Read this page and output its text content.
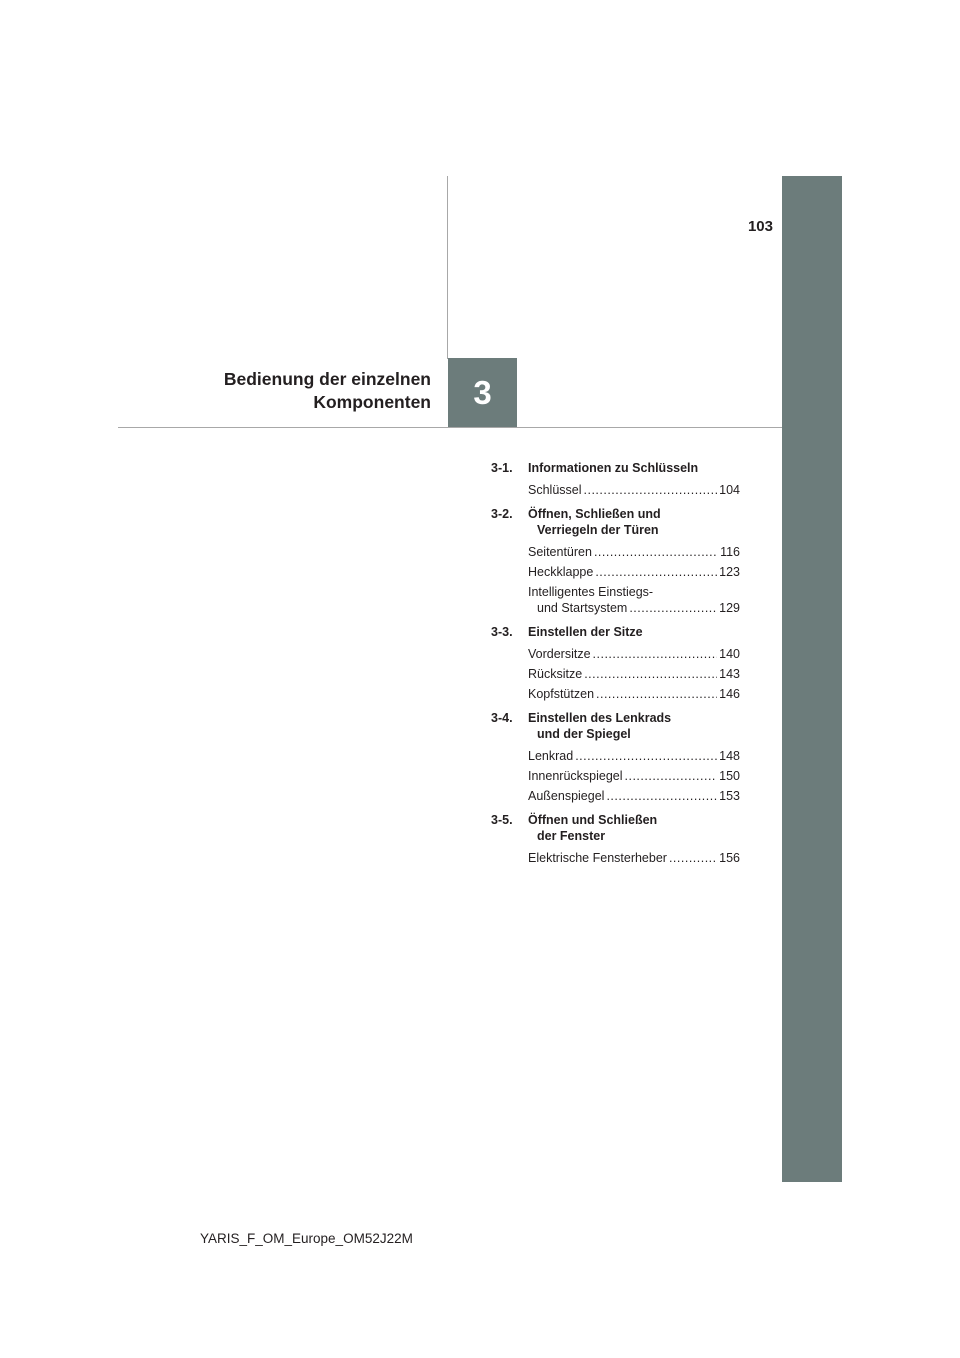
103
Bedienung der einzelnen
Komponenten 3
3-1. Informationen zu Schlüsseln
Schlüssel .....	104
3-2. Öffnen, Schließen und
Verriegeln der Türen
Seitentüren .....	116
Heckklappe .....	123
Intelligentes Einstiegs-
und Startsystem .....	129
3-3. Einstellen der Sitze
Vordersitze .....	140
Rücksitze .....	143
Kopfstützen .....	146
3-4. Einstellen des Lenkrads
und der Spiegel
Lenkrad .....	148
Innenrückspiegel .....	150
Außenspiegel .....	153
3-5. Öffnen und Schließen
der Fenster
Elektrische Fensterheber .....	156
YARIS_F_OM_Europe_OM52J22M
